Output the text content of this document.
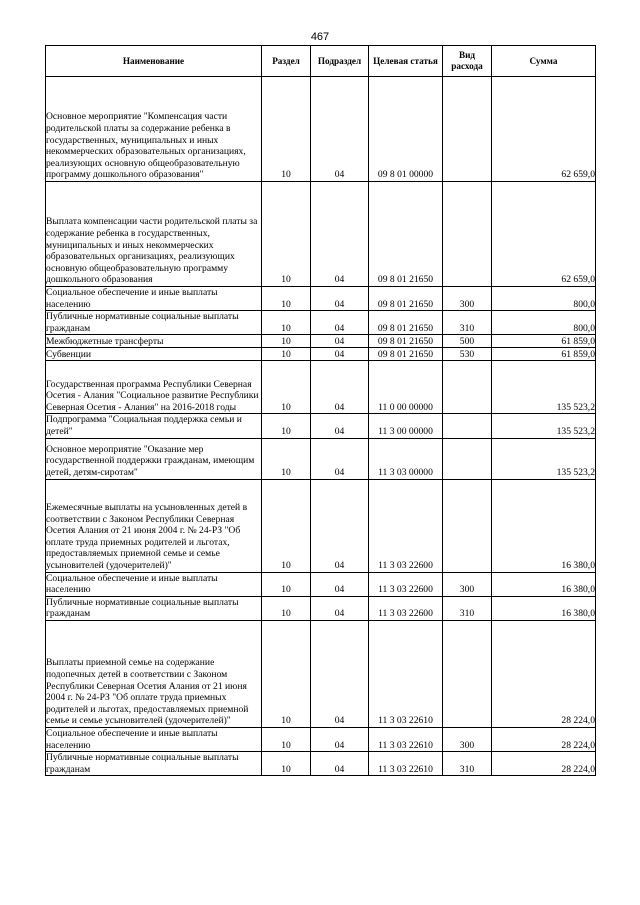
467
Наименование	Раздел	Подраздел	Целевая статья	Вид расхода	Сумма
Основное мероприятие "Компенсация части родительской платы за содержание ребенка в государственных, муниципальных и иных некоммерческих образовательных организациях, реализующих основную общеобразовательную программу дошкольного образования"	10	04	09 8 01 00000		62 659,0
Выплата компенсации части родительской платы за содержание ребенка в государственных, муниципальных и иных некоммерческих образовательных организациях, реализующих основную общеобразовательную программу дошкольного образования	10	04	09 8 01 21650		62 659,0
Социальное обеспечение и иные выплаты населению	10	04	09 8 01 21650	300	800,0
Публичные нормативные социальные выплаты гражданам	10	04	09 8 01 21650	310	800,0
Межбюджетные трансферты	10	04	09 8 01 21650	500	61 859,0
Субвенции	10	04	09 8 01 21650	530	61 859,0
Государственная программа Республики Северная Осетия - Алания "Социальное развитие Республики Северная Осетия - Алания" на 2016-2018 годы	10	04	11 0 00 00000		135 523,2
Подпрограмма "Социальная поддержка семьи и детей"	10	04	11 3 00 00000		135 523,2
Основное мероприятие "Оказание мер государственной поддержки гражданам, имеющим детей, детям-сиротам"	10	04	11 3 03 00000		135 523,2
Ежемесячные выплаты на усыновленных детей в соответствии с Законом Республики Северная Осетия Алания от 21 июня 2004 г. № 24-РЗ "Об оплате труда приемных родителей и льготах, предоставляемых приемной семье и семье усыновителей (удочерителей)"	10	04	11 3 03 22600		16 380,0
Социальное обеспечение и иные выплаты населению	10	04	11 3 03 22600	300	16 380,0
Публичные нормативные социальные выплаты гражданам	10	04	11 3 03 22600	310	16 380,0
Выплаты приемной семье на содержание подопечных детей в соответствии с Законом Республики Северная Осетия Алания от 21 июня 2004 г. № 24-РЗ "Об оплате труда приемных родителей и льготах, предоставляемых приемной семье и семье усыновителей (удочерителей)"	10	04	11 3 03 22610		28 224,0
Социальное обеспечение и иные выплаты населению	10	04	11 3 03 22610	300	28 224,0
Публичные нормативные социальные выплаты гражданам	10	04	11 3 03 22610	310	28 224,0
